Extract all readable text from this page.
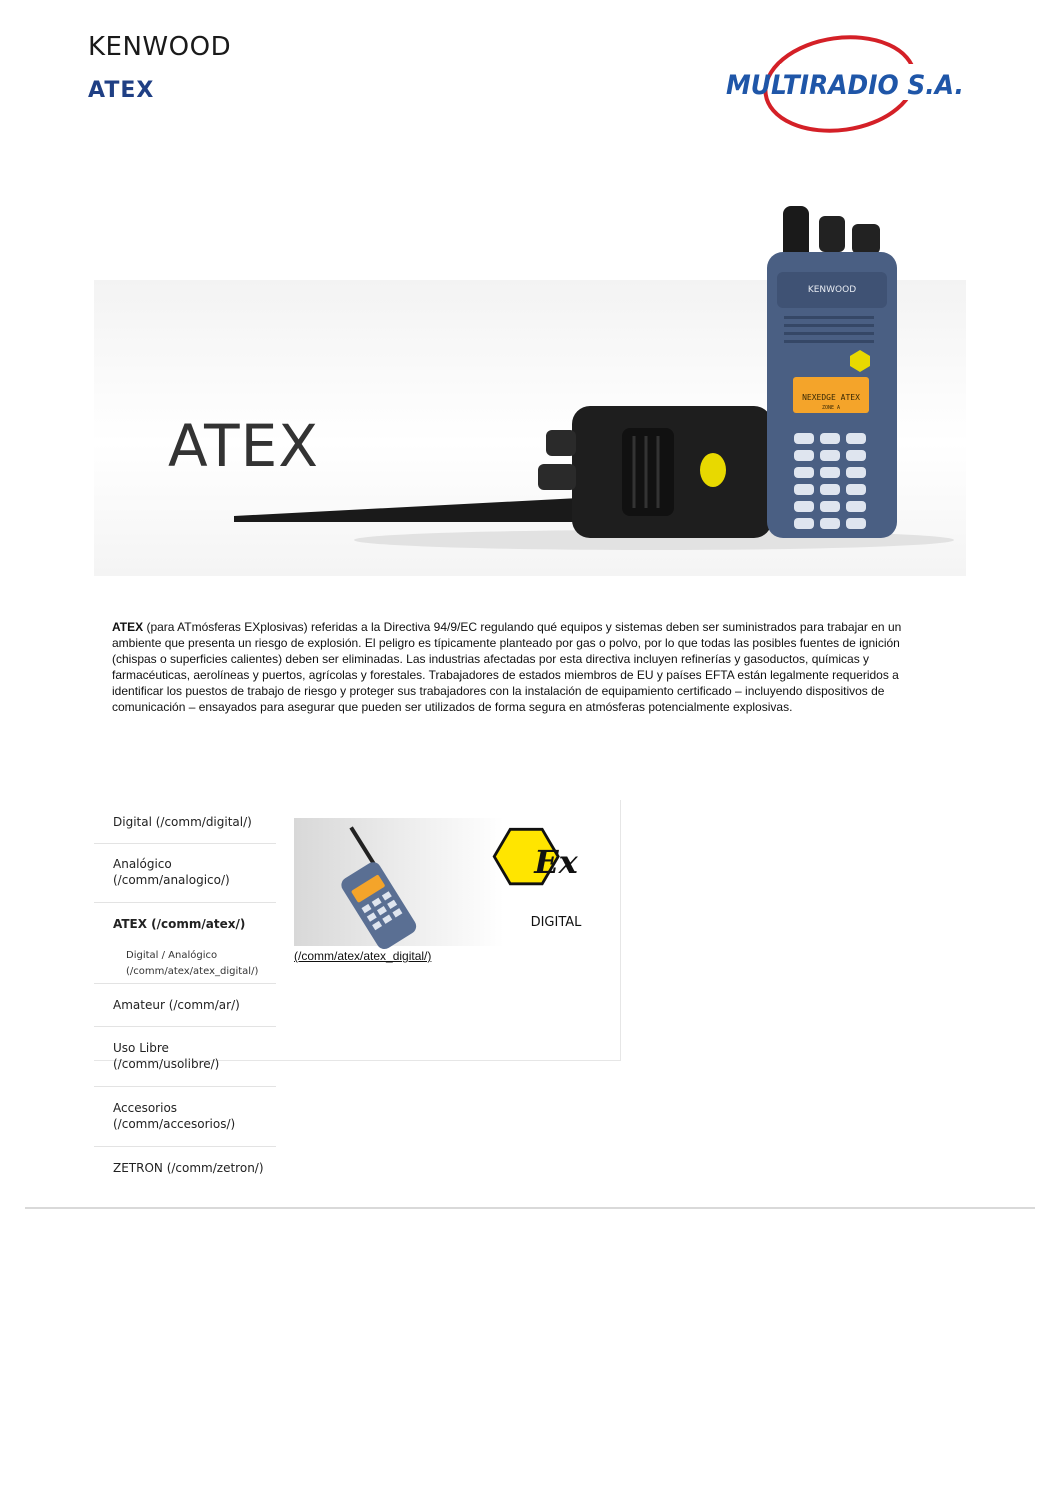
KENWOOD
ATEX	MULTIRADIO S.A.
ATEX
KENWOOD
NEXEDGE ATEX
ZONE A
ATEX (para ATmósferas EXplosivas) referidas a la Directiva 94/9/EC regulando qué equipos y sistemas deben ser suministrados para trabajar en un ambiente que presenta un riesgo de explosión. El peligro es típicamente planteado por gas o polvo, por lo que todas las posibles fuentes de ignición (chispas o superficies calientes) deben ser eliminadas. Las industrias afectadas por esta directiva incluyen refinerías y gasoductos, químicas y farmacéuticas, aerolíneas y puertos, agrícolas y forestales. Trabajadores de estados miembros de EU y países EFTA están legalmente requeridos a identificar los puestos de trabajo de riesgo y proteger sus trabajadores con la instalación de equipamiento certificado – incluyendo dispositivos de comunicación – ensayados para asegurar que pueden ser utilizados de forma segura en atmósferas potencialmente explosivas.
Digital (/comm/digital/)
Analógico (/comm/analogico/)
ATEX (/comm/atex/)
Digital / Analógico (/comm/atex/atex_digital/)
Amateur (/comm/ar/)
Uso Libre (/comm/usolibre/)
Accesorios (/comm/accesorios/)
ZETRON (/comm/zetron/)
Ex
DIGITAL
(/comm/atex/atex_digital/)
